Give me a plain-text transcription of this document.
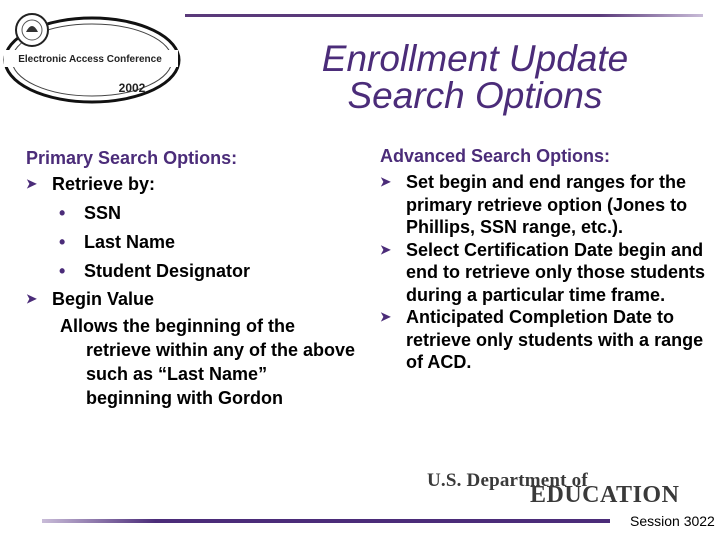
Electronic Access Conference
2002
Enrollment Update
Search Options
Primary Search Options:
➤ Retrieve by:
• SSN
• Last Name
• Student Designator
➤ Begin Value
Allows the beginning of the retrieve within any of the above such as “Last Name” beginning with Gordon
Advanced Search Options:
➤ Set begin and end ranges for the primary retrieve option (Jones to Phillips, SSN range, etc.).
➤ Select Certification Date begin and end to retrieve only those students during a particular time frame.
➤ Anticipated Completion Date to retrieve only students with a range of ACD.
U.S. Department of
EDUCATION
Session 3022
